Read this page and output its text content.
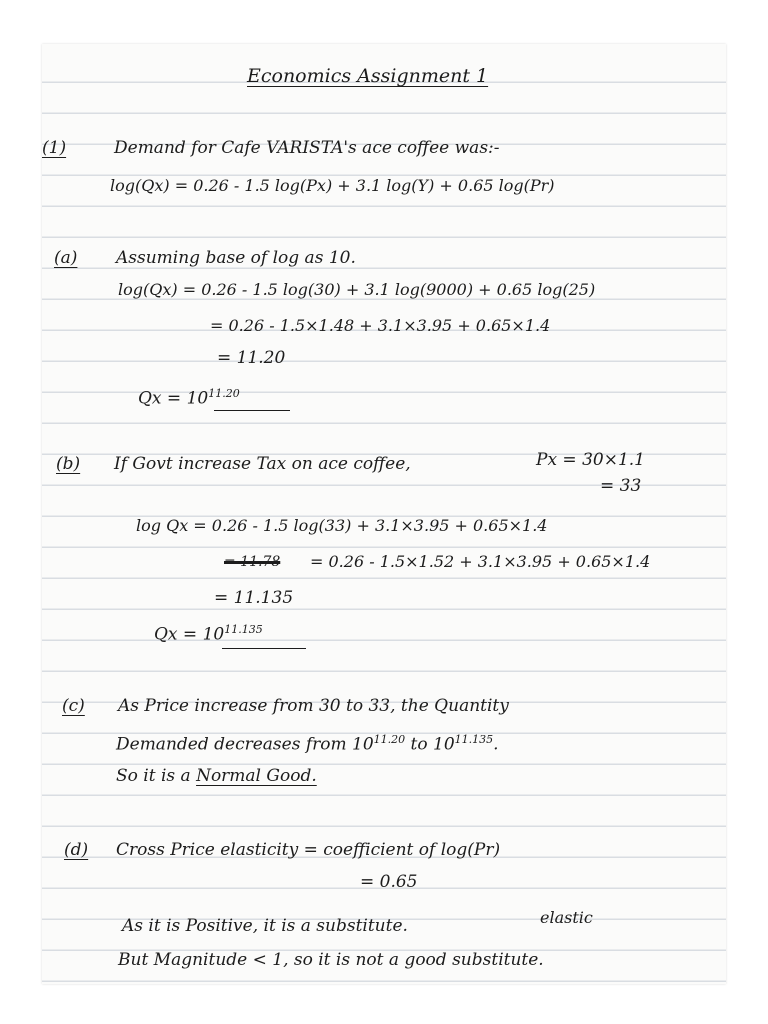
Economics Assignment 1
(1)	Demand for Cafe VARISTA's ace coffee was:-
log(Qx) = 0.26 - 1.5 log(Px) + 3.1 log(Y) + 0.65 log(Pr)
(a) Assuming base of log as 10.
log(Qx) = 0.26 - 1.5 log(30) + 3.1 log(9000) + 0.65 log(25)
= 0.26 - 1.5×1.48 + 3.1×3.95 + 0.65×1.4
= 11.20
$Qx = 10^{11.20}$
(b) If Govt increase Tax on ace coffee,	Px = 30×1.1
= 33
log Qx = 0.26 - 1.5 log(33) + 3.1×3.95 + 0.65×1.4
= 11.78 = 0.26 - 1.5×1.52 + 3.1×3.95 + 0.65×1.4
= 11.135
$Qx = 10^{11.135}$
(c) As Price increase from 30 to 33, the Quantity
Demanded decreases from $10^{11.20}$ to $10^{11.135}$.
So it is a Normal Good.
(d) Cross Price elasticity = coefficient of log(Pr)
= 0.65
elastic
As it is Positive, it is a substitute.
But Magnitude < 1, so it is not a good substitute.
